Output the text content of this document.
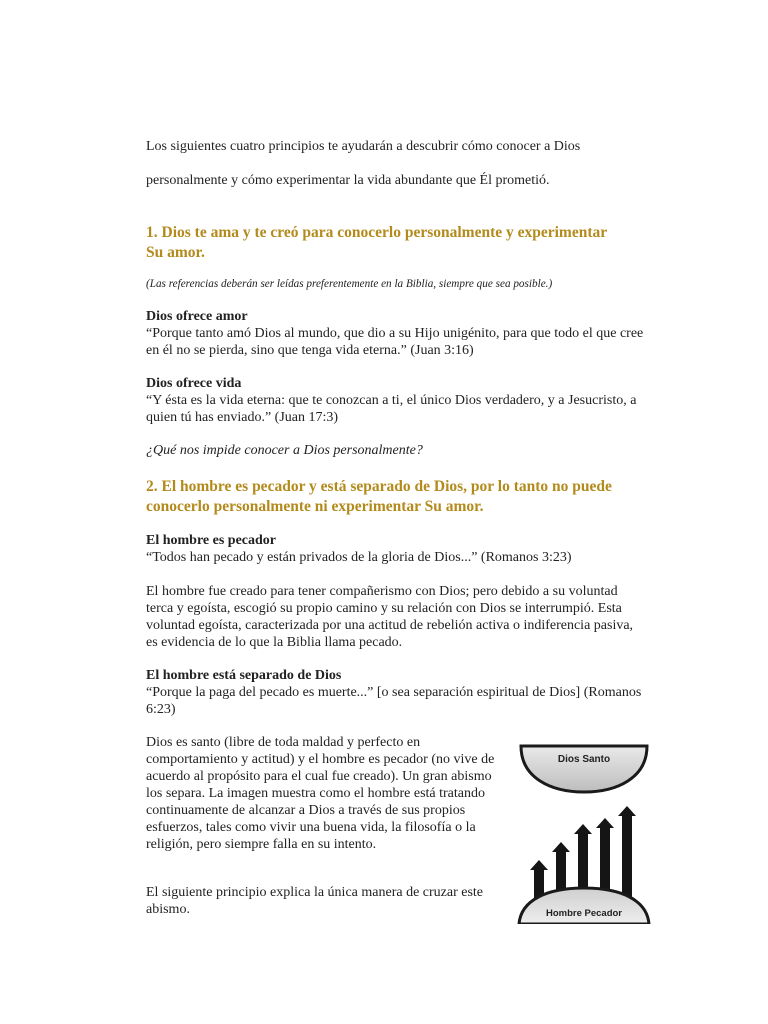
Los siguientes cuatro principios te ayudarán a descubrir cómo conocer a Dios

personalmente y cómo experimentar la vida abundante que Él prometió.

1. Dios te ama y te creó para conocerlo personalmente y experimentar Su amor.

(Las referencias deberán ser leídas preferentemente en la Biblia, siempre que sea posible.)

Dios ofrece amor
“Porque tanto amó Dios al mundo, que dio a su Hijo unigénito, para que todo el que cree en él no se pierda, sino que tenga vida eterna.” (Juan 3:16)
Dios ofrece vida
“Y ésta es la vida eterna: que te conozcan a ti, el único Dios verdadero, y a Jesucristo, a quien tú has enviado.” (Juan 17:3)

¿Qué nos impide conocer a Dios personalmente?

2. El hombre es pecador y está separado de Dios, por lo tanto no puede conocerlo personalmente ni experimentar Su amor.
El hombre es pecador
“Todos han pecado y están privados de la gloria de Dios...” (Romanos 3:23)

El hombre fue creado para tener compañerismo con Dios; pero debido a su voluntad terca y egoísta, escogió su propio camino y su relación con Dios se interrumpió. Esta voluntad egoísta, caracterizada por una actitud de rebelión activa o indiferencia pasiva, es evidencia de lo que la Biblia llama pecado.

El hombre está separado de Dios
“Porque la paga del pecado es muerte...” [o sea separación espiritual de Dios] (Romanos 6:23)

Dios es santo (libre de toda maldad y perfecto en comportamiento y actitud) y el hombre es pecador (no vive de acuerdo al propósito para el cual fue creado). Un gran abismo los separa. La imagen muestra como el hombre está tratando continuamente de alcanzar a Dios a través de sus propios esfuerzos, tales como vivir una buena vida, la filosofía o la religión, pero siempre falla en su intento.

El siguiente principio explica la única manera de cruzar este abismo.

Dios Santo
Hombre Pecador
